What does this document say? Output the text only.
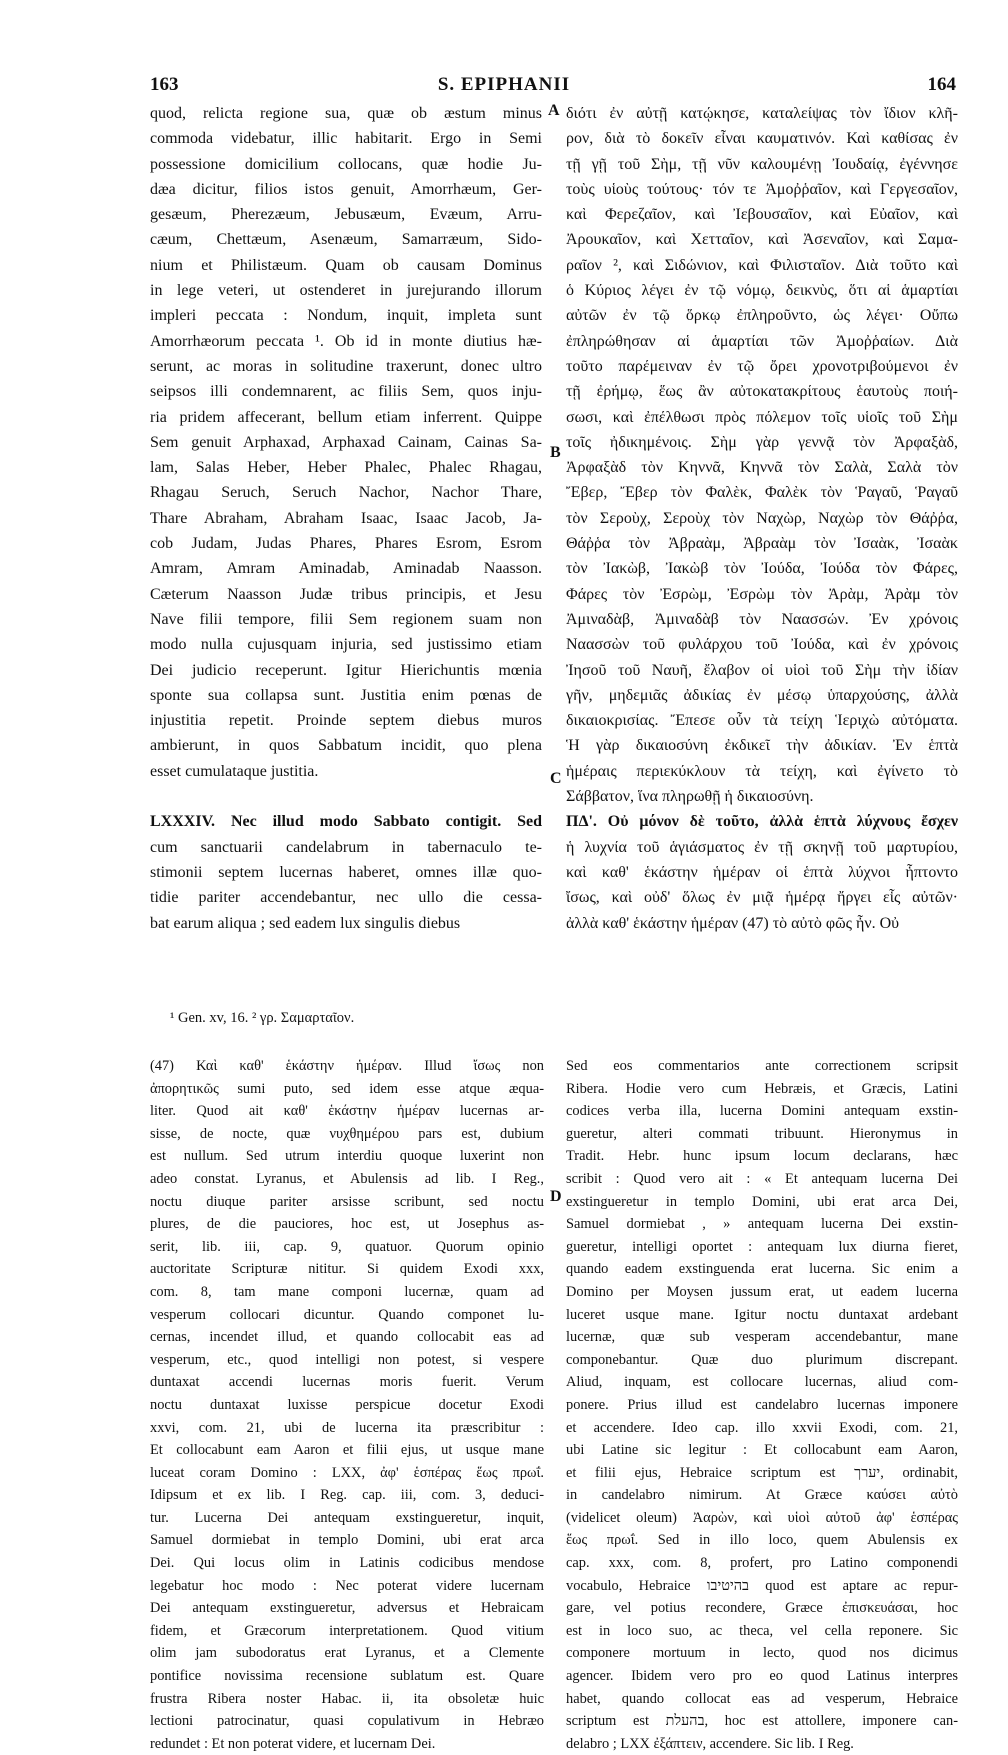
163	S. EPIPHANII	164
quod, relicta regione sua, quæ ob æstum minus
commoda videbatur, illic habitarit. Ergo in Semi
possessione domicilium collocans, quæ hodie Ju-
dæa dicitur, filios istos genuit, Amorrhæum, Ger-
gesæum, Pherezæum, Jebusæum, Evæum, Arru-
cæum, Chettæum, Asenæum, Samarræum, Sido-
nium et Philistæum. Quam ob causam Dominus
in lege veteri, ut ostenderet in jurejurando illorum
impleri peccata : Nondum, inquit, impleta sunt
Amorrhæorum peccata ¹. Ob id in monte diutius hæ-
serunt, ac moras in solitudine traxerunt, donec ultro
seipsos illi condemnarent, ac filiis Sem, quos inju-
ria pridem affecerant, bellum etiam inferrent. Quippe
Sem genuit Arphaxad, Arphaxad Cainam, Cainas Sa-
lam, Salas Heber, Heber Phalec, Phalec Rhagau,
Rhagau Seruch, Seruch Nachor, Nachor Thare,
Thare Abraham, Abraham Isaac, Isaac Jacob, Ja-
cob Judam, Judas Phares, Phares Esrom, Esrom
Amram, Amram Aminadab, Aminadab Naasson.
Cæterum Naasson Judæ tribus principis, et Jesu
Nave filii tempore, filii Sem regionem suam non
modo nulla cujusquam injuria, sed justissimo etiam
Dei judicio receperunt. Igitur Hierichuntis mœnia
sponte sua collapsa sunt. Justitia enim pœnas de
injustitia repetit. Proinde septem diebus muros
ambierunt, in quos Sabbatum incidit, quo plena
esset cumulataque justitia.
LXXXIV. Nec illud modo Sabbato contigit. Sed
cum sanctuarii candelabrum in tabernaculo te-
stimonii septem lucernas haberet, omnes illæ quo-
tidie pariter accendebantur, nec ullo die cessa-
bat earum aliqua ; sed eadem lux singulis diebus
διότι ἐν αὐτῇ κατῴκησε, καταλείψας τὸν ἴδιον κλῆ-
ρον, διὰ τὸ δοκεῖν εἶναι καυματινόν. Καὶ καθίσας ἐν
τῇ γῇ τοῦ Σὴμ, τῇ νῦν καλουμένῃ Ἰουδαίᾳ, ἐγέννησε
τοὺς υἱοὺς τούτους· τόν τε Ἀμοῤῥαῖον, καὶ Γεργεσαῖον,
καὶ Φερεζαῖον, καὶ Ἰεβουσαῖον, καὶ Εὐαῖον, καὶ
Ἀρουκαῖον, καὶ Χετταῖον, καὶ Ἀσεναῖον, καὶ Σαμα-
ραῖον ², καὶ Σιδώνιον, καὶ Φιλισταῖον. Διὰ τοῦτο καὶ
ὁ Κύριος λέγει ἐν τῷ νόμῳ, δεικνὺς, ὅτι αἱ ἁμαρτίαι
αὐτῶν ἐν τῷ ὅρκῳ ἐπληροῦντο, ὡς λέγει· Οὔπω
ἐπληρώθησαν αἱ ἁμαρτίαι τῶν Ἀμοῤῥαίων. Διὰ
τοῦτο παρέμειναν ἐν τῷ ὄρει χρονοτριβούμενοι ἐν
τῇ ἐρήμῳ, ἕως ἂν αὐτοκατακρίτους ἑαυτοὺς ποιή-
σωσι, καὶ ἐπέλθωσι πρὸς πόλεμον τοῖς υἱοῖς τοῦ Σὴμ
τοῖς ἠδικημένοις. Σὴμ γὰρ γεννᾷ τὸν Ἀρφαξὰδ,
Ἀρφαξὰδ τὸν Κηννᾶ, Κηννᾶ τὸν Σαλὰ, Σαλὰ τὸν
Ἔβερ, Ἔβερ τὸν Φαλὲκ, Φαλὲκ τὸν Ῥαγαῦ, Ῥαγαῦ
τὸν Σεροὺχ, Σεροὺχ τὸν Ναχὼρ, Ναχὼρ τὸν Θάῤῥα,
Θάῤῥα τὸν Ἀβραὰμ, Ἀβραὰμ τὸν Ἰσαὰκ, Ἰσαὰκ
τὸν Ἰακὼβ, Ἰακὼβ τὸν Ἰούδα, Ἰούδα τὸν Φάρες,
Φάρες τὸν Ἐσρὼμ, Ἐσρὼμ τὸν Ἀρὰμ, Ἀρὰμ τὸν
Ἀμιναδὰβ, Ἀμιναδὰβ τὸν Ναασσών. Ἐν χρόνοις
Ναασσὼν τοῦ φυλάρχου τοῦ Ἰούδα, καὶ ἐν χρόνοις
Ἰησοῦ τοῦ Ναυῆ, ἔλαβον οἱ υἱοὶ τοῦ Σὴμ τὴν ἰδίαν
γῆν, μηδεμιᾶς ἀδικίας ἐν μέσῳ ὑπαρχούσης, ἀλλὰ
δικαιοκρισίας. Ἔπεσε οὖν τὰ τείχη Ἱεριχὼ αὐτόματα.
Ἡ γὰρ δικαιοσύνη ἐκδικεῖ τὴν ἀδικίαν. Ἐν ἑπτὰ
ἡμέραις περιεκύκλουν τὰ τείχη, καὶ ἐγίνετο τὸ
Σάββατον, ἵνα πληρωθῇ ἡ δικαιοσύνη.
ΠΔ'. Οὐ μόνον δὲ τοῦτο, ἀλλὰ ἑπτὰ λύχνους ἔσχεν
ἡ λυχνία τοῦ ἁγιάσματος ἐν τῇ σκηνῇ τοῦ μαρτυρίου,
καὶ καθ' ἑκάστην ἡμέραν οἱ ἑπτὰ λύχνοι ἧπτοντο
ἴσως, καὶ οὐδ' ὅλως ἐν μιᾷ ἡμέρᾳ ἤργει εἷς αὐτῶν·
ἀλλὰ καθ' ἑκάστην ἡμέραν (47) τὸ αὐτὸ φῶς ἦν. Οὐ
A
B
C
D
¹ Gen. xv, 16. ² γρ. Σαμαρταῖον.
(47) Καὶ καθ' ἑκάστην ἡμέραν. Illud ἴσως non
ἀπορητικῶς sumi puto, sed idem esse atque æqua-
liter. Quod ait καθ' ἑκάστην ἡμέραν lucernas ar-
sisse, de nocte, quæ νυχθημέρου pars est, dubium
est nullum. Sed utrum interdiu quoque luxerint non
adeo constat. Lyranus, et Abulensis ad lib. I Reg.,
noctu diuque pariter arsisse scribunt, sed noctu
plures, de die pauciores, hoc est, ut Josephus as-
serit, lib. iii, cap. 9, quatuor. Quorum opinio
auctoritate Scripturæ nititur. Si quidem Exodi xxx,
com. 8, tam mane componi lucernæ, quam ad
vesperum collocari dicuntur. Quando componet lu-
cernas, incendet illud, et quando collocabit eas ad
vesperum, etc., quod intelligi non potest, si vespere
duntaxat accendi lucernas moris fuerit. Verum
noctu duntaxat luxisse perspicue docetur Exodi
xxvi, com. 21, ubi de lucerna ita præscribitur :
Et collocabunt eam Aaron et filii ejus, ut usque mane
luceat coram Domino : LXX, ἀφ' ἑσπέρας ἕως πρωΐ.
Idipsum et ex lib. I Reg. cap. iii, com. 3, deduci-
tur. Lucerna Dei antequam exstingueretur, inquit,
Samuel dormiebat in templo Domini, ubi erat arca
Dei. Qui locus olim in Latinis codicibus mendose
legebatur hoc modo : Nec poterat videre lucernam
Dei antequam exstingueretur, adversus et Hebraicam
fidem, et Græcorum interpretationem. Quod vitium
olim jam subodoratus erat Lyranus, et a Clemente
pontifice novissima recensione sublatum est. Quare
frustra Ribera noster Habac. ii, ita obsoletæ huic
lectioni patrocinatur, quasi copulativum in Hebræo
redundet : Et non poterat videre, et lucernam Dei.
Sed eos commentarios ante correctionem scripsit
Ribera. Hodie vero cum Hebræis, et Græcis, Latini
codices verba illa, lucerna Domini antequam exstin-
gueretur, alteri commati tribuunt. Hieronymus in
Tradit. Hebr. hunc ipsum locum declarans, hæc
scribit : Quod vero ait : « Et antequam lucerna Dei
exstingueretur in templo Domini, ubi erat arca Dei,
Samuel dormiebat , » antequam lucerna Dei exstin-
gueretur, intelligi oportet : antequam lux diurna fieret,
quando eadem exstinguenda erat lucerna. Sic enim a
Domino per Moysen jussum erat, ut eadem lucerna
luceret usque mane. Igitur noctu duntaxat ardebant
lucernæ, quæ sub vesperam accendebantur, mane
componebantur. Quæ duo plurimum discrepant.
Aliud, inquam, est collocare lucernas, aliud com-
ponere. Prius illud est candelabro lucernas imponere
et accendere. Ideo cap. illo xxvii Exodi, com. 21,
ubi Latine sic legitur : Et collocabunt eam Aaron,
et filii ejus, Hebraice scriptum est יערך, ordinabit,
in candelabro nimirum. At Græce καύσει αὐτὸ
(videlicet oleum) Ἀαρὼν, καὶ υἱοὶ αὐτοῦ ἀφ' ἑσπέρας
ἕως πρωΐ. Sed in illo loco, quem Abulensis ex
cap. xxx, com. 8, profert, pro Latino componendi
vocabulo, Hebraice בהיטיבו quod est aptare ac repur-
gare, vel potius recondere, Græce ἐπισκευάσαι, hoc
est in loco suo, ac theca, vel cella reponere. Sic
componere mortuum in lecto, quod nos dicimus
agencer. Ibidem vero pro eo quod Latinus interpres
habet, quando collocat eas ad vesperum, Hebraice
scriptum est בהעלת, hoc est attollere, imponere can-
delabro ; LXX ἐξάπτειν, accendere. Sic lib. I Reg.
